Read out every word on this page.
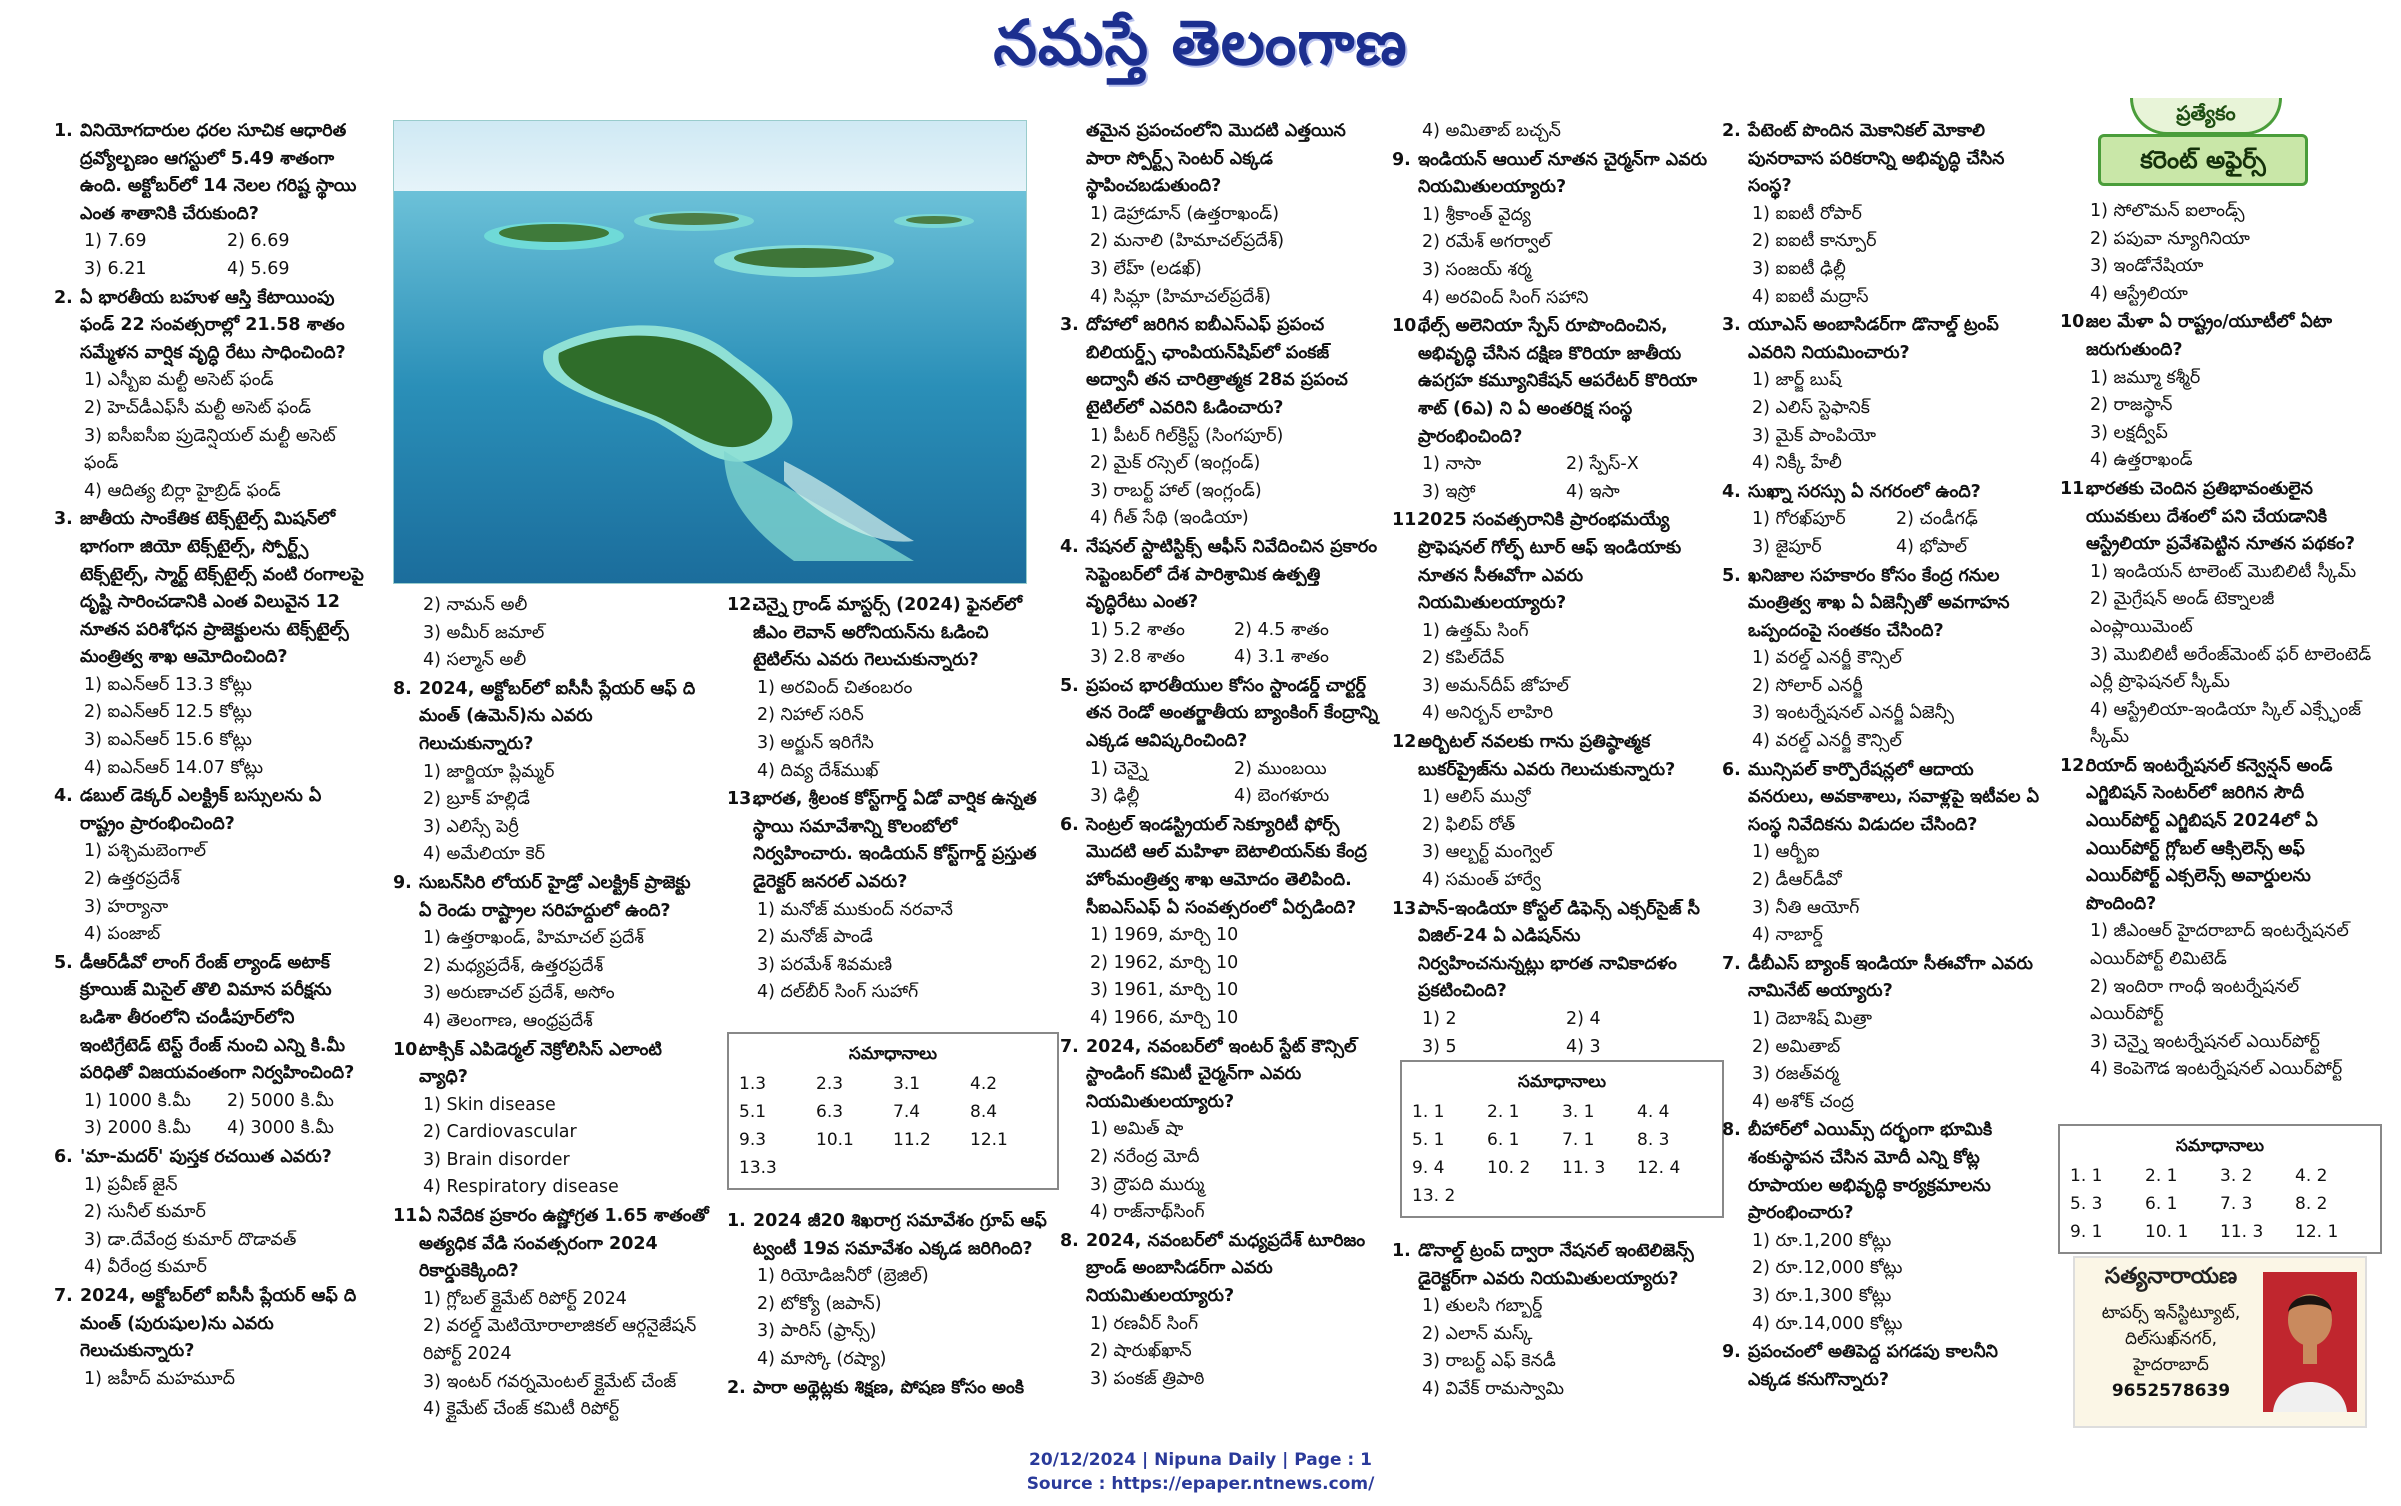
నమస్తే తెలంగాణ
1. వినియోగదారుల ధరల సూచిక ఆధారిత ద్రవ్యోల్బణం ఆగస్టులో 5.49 శాతంగా ఉంది. అక్టోబర్‌లో 14 నెలల గరిష్ట స్థాయి ఎంత శాతానికి చేరుకుంది?
1) 7.69	2) 6.69
3) 6.21	4) 5.69
2. ఏ భారతీయ బహుళ ఆస్తి కేటాయింపు ఫండ్ 22 సంవత్సరాల్లో 21.58 శాతం సమ్మేళన వార్షిక వృద్ధి రేటు సాధించింది?
1) ఎస్బీఐ మల్టీ అసెట్ ఫండ్
2) హెచ్‌డీఎఫ్‌సీ మల్టీ అసెట్ ఫండ్
3) ఐసీఐసీఐ ప్రుడెన్షియల్ మల్టీ అసెట్ ఫండ్
4) ఆదిత్య బిర్లా హైబ్రిడ్ ఫండ్
3. జాతీయ సాంకేతిక టెక్స్‌టైల్స్ మిషన్‌లో భాగంగా జియో టెక్స్‌టైల్స్, స్పోర్ట్స్ టెక్స్‌టైల్స్, స్మార్ట్ టెక్స్‌టైల్స్ వంటి రంగాలపై దృష్టి సారించడానికి ఎంత విలువైన 12 నూతన పరిశోధన ప్రాజెక్టులను టెక్స్‌టైల్స్ మంత్రిత్వ శాఖ ఆమోదించింది?
1) ఐఎన్‌ఆర్ 13.3 కోట్లు
2) ఐఎన్‌ఆర్ 12.5 కోట్లు
3) ఐఎన్‌ఆర్ 15.6 కోట్లు
4) ఐఎన్‌ఆర్ 14.07 కోట్లు
4. డబుల్ డెక్కర్ ఎలక్ట్రిక్ బస్సులను ఏ రాష్ట్రం ప్రారంభించింది?
1) పశ్చిమబెంగాల్
2) ఉత్తరప్రదేశ్
3) హర్యానా
4) పంజాబ్
5. డీఆర్‌డీవో లాంగ్ రేంజ్ ల్యాండ్ అటాక్ క్రూయిజ్ మిసైల్ తొలి విమాన పరీక్షను ఒడిశా తీరంలోని చండీపూర్‌లోని ఇంటిగ్రేటెడ్ టెస్ట్ రేంజ్ నుంచి ఎన్ని కి.మీ పరిధితో విజయవంతంగా నిర్వహించింది?
1) 1000 కి.మీ	2) 5000 కి.మీ
3) 2000 కి.మీ	4) 3000 కి.మీ
6. 'మా-మదర్' పుస్తక రచయిత ఎవరు?
1) ప్రవీణ్ జైన్
2) సునీల్ కుమార్
3) డా.దేవేంద్ర కుమార్ దొడావత్
4) వీరేంద్ర కుమార్
7. 2024, అక్టోబర్‌లో ఐసీసీ ప్లేయర్ ఆఫ్ ది మంత్ (పురుషుల)ను ఎవరు గెలుచుకున్నారు?
1) జహీద్ మహమూద్
2) నామన్ అలీ
3) అమీర్ జమాల్
4) సల్మాన్ అలీ
8. 2024, అక్టోబర్‌లో ఐసీసీ ప్లేయర్ ఆఫ్ ది మంత్ (ఉమెన్)ను ఎవరు గెలుచుకున్నారు?
1) జార్జియా ప్లిమ్మర్
2) బ్రూక్ హల్లిడే
3) ఎలిస్సే పెర్రీ
4) అమేలియా కెర్
9. సుబన్‌సిరి లోయర్ హైడ్రో ఎలక్ట్రిక్ ప్రాజెక్టు ఏ రెండు రాష్ట్రాల సరిహద్దులో ఉంది?
1) ఉత్తరాఖండ్, హిమాచల్ ప్రదేశ్
2) మధ్యప్రదేశ్, ఉత్తరప్రదేశ్
3) అరుణాచల్ ప్రదేశ్, అసోం
4) తెలంగాణ, ఆంధ్రప్రదేశ్
10.టాక్సిక్ ఎపిడెర్మల్ నెక్రోలిసిస్ ఎలాంటి వ్యాధి?
1) Skin disease
2) Cardiovascular
3) Brain disorder
4) Respiratory disease
11.ఏ నివేదిక ప్రకారం ఉష్ణోగ్రత 1.65 శాతంతో అత్యధిక వేడి సంవత్సరంగా 2024 రికార్డుకెక్కింది?
1) గ్లోబల్ క్లైమేట్ రిపోర్ట్ 2024
2) వరల్డ్ మెటియోరాలాజికల్ ఆర్గనైజేషన్ రిపోర్ట్ 2024
3) ఇంటర్ గవర్నమెంటల్ క్లైమేట్ చేంజ్
4) క్లైమేట్ చేంజ్ కమిటీ రిపోర్ట్
12.చెన్నై గ్రాండ్ మాస్టర్స్ (2024) ఫైనల్‌లో జీఎం లెవాన్ అరోనియన్‌ను ఓడించి టైటిల్‌ను ఎవరు గెలుచుకున్నారు?
1) అరవింద్ చితంబరం
2) నిహాల్ సరిన్
3) అర్జున్ ఇరిగేసి
4) దివ్య దేశ్‌ముఖ్
13.భారత, శ్రీలంక కోస్ట్‌గార్డ్ ఏడో వార్షిక ఉన్నత స్థాయి సమావేశాన్ని కొలంబోలో నిర్వహించారు. ఇండియన్ కోస్ట్‌గార్డ్ ప్రస్తుత డైరెక్టర్ జనరల్ ఎవరు?
1) మనోజ్ ముకుంద్ నరవానే
2) మనోజ్ పాండే
3) పరమేశ్ శివమణి
4) దల్‌బీర్ సింగ్ సుహాగ్
సమాధానాలు
1.3	2.3	3.1	4.2
5.1	6.3	7.4	8.4
9.3	10.1	11.2	12.1
13.3
1. 2024 జీ20 శిఖరాగ్ర సమావేశం గ్రూప్ ఆఫ్ ట్వంటీ 19వ సమావేశం ఎక్కడ జరిగింది?
1) రియోడిజనీరో (బ్రెజిల్)
2) టోక్యో (జపాన్)
3) పారిస్ (ఫ్రాన్స్)
4) మాస్కో (రష్యా)
2. పారా అథ్లెట్లకు శిక్షణ, పోషణ కోసం అంకి
తమైన ప్రపంచంలోని మొదటి ఎత్తయిన పారా స్పోర్ట్స్ సెంటర్ ఎక్కడ స్థాపించబడుతుంది?
1) డెహ్రాడూన్ (ఉత్తరాఖండ్)
2) మనాలి (హిమాచల్‌ప్రదేశ్)
3) లేహ్ (లడఖ్)
4) సిమ్లా (హిమాచల్‌ప్రదేశ్)
3. దోహాలో జరిగిన ఐబీఎస్‌ఎఫ్ ప్రపంచ బిలియర్డ్స్ ఛాంపియన్‌షిప్‌లో పంకజ్ అద్వానీ తన చారిత్రాత్మక 28వ ప్రపంచ టైటిల్‌లో ఎవరిని ఓడించారు?
1) పీటర్ గిల్‌క్రిస్ట్ (సింగపూర్)
2) మైక్ రస్సెల్ (ఇంగ్లండ్)
3) రాబర్ట్ హాల్ (ఇంగ్లండ్)
4) గీత్ సేథి (ఇండియా)
4. నేషనల్ స్టాటిస్టిక్స్ ఆఫీస్ నివేదించిన ప్రకారం సెప్టెంబర్‌లో దేశ పారిశ్రామిక ఉత్పత్తి వృద్ధిరేటు ఎంత?
1) 5.2 శాతం	2) 4.5 శాతం
3) 2.8 శాతం	4) 3.1 శాతం
5. ప్రపంచ భారతీయుల కోసం స్టాండర్డ్ చార్టర్డ్ తన రెండో అంతర్జాతీయ బ్యాంకింగ్ కేంద్రాన్ని ఎక్కడ ఆవిష్కరించింది?
1) చెన్నై	2) ముంబయి
3) ఢిల్లీ	4) బెంగళూరు
6. సెంట్రల్ ఇండస్ట్రియల్ సెక్యూరిటీ ఫోర్స్ మొదటి ఆల్ మహిళా బెటాలియన్‌కు కేంద్ర హోంమంత్రిత్వ శాఖ ఆమోదం తెలిపింది. సీఐఎస్ఎఫ్ ఏ సంవత్సరంలో ఏర్పడింది?
1) 1969, మార్చి 10
2) 1962, మార్చి 10
3) 1961, మార్చి 10
4) 1966, మార్చి 10
7. 2024, నవంబర్‌లో ఇంటర్ స్టేట్ కౌన్సిల్ స్టాండింగ్ కమిటీ చైర్మన్‌గా ఎవరు నియమితులయ్యారు?
1) అమిత్ షా
2) నరేంద్ర మోదీ
3) ద్రౌపది ముర్ము
4) రాజ్‌నాథ్‌సింగ్
8. 2024, నవంబర్‌లో మధ్యప్రదేశ్ టూరిజం బ్రాండ్ అంబాసిడర్‌గా ఎవరు నియమితులయ్యారు?
1) రణవీర్ సింగ్
2) షారుఖ్‌ఖాన్
3) పంకజ్ త్రిపాఠి
4) అమితాబ్ బచ్చన్
9. ఇండియన్ ఆయిల్ నూతన చైర్మన్‌గా ఎవరు నియమితులయ్యారు?
1) శ్రీకాంత్ వైద్య
2) రమేశ్ అగర్వాల్
3) సంజయ్ శర్మ
4) అరవింద్ సింగ్ సహాని
10.థేల్స్ అలెనియా స్పేస్ రూపొందించిన, అభివృద్ధి చేసిన దక్షిణ కొరియా జాతీయ ఉపగ్రహ కమ్యూనికేషన్ ఆపరేటర్ కొరియా శాట్ (6ఎ) ని ఏ అంతరిక్ష సంస్థ ప్రారంభించింది?
1) నాసా	2) స్పేస్-X
3) ఇస్రో	4) ఇసా
11.2025 సంవత్సరానికి ప్రారంభమయ్యే ప్రొఫెషనల్ గోల్ఫ్ టూర్ ఆఫ్ ఇండియాకు నూతన సీఈవోగా ఎవరు నియమితులయ్యారు?
1) ఉత్తమ్ సింగ్
2) కపిల్‌దేవ్
3) అమన్‌దీప్ జోహల్
4) అనిర్బన్ లాహిరి
12.అర్బిటల్ నవలకు గాను ప్రతిష్ఠాత్మక బుకర్‌ప్రైజ్‌ను ఎవరు గెలుచుకున్నారు?
1) ఆలిస్ మున్రో
2) ఫిలిప్ రోత్
3) ఆల్బర్ట్ మంగ్వెల్
4) సమంత్ హార్వే
13.పాన్-ఇండియా కోస్టల్ డిఫెన్స్ ఎక్సర్‌సైజ్ సీ విజిల్-24 ఏ ఎడిషన్‌ను నిర్వహించనున్నట్లు భారత నావికాదళం ప్రకటించింది?
1) 2	2) 4
3) 5	4) 3
సమాధానాలు
1. 1	2. 1	3. 1	4. 4
5. 1	6. 1	7. 1	8. 3
9. 4	10. 2	11. 3	12. 4
13. 2
1. డొనాల్డ్ ట్రంప్ ద్వారా నేషనల్ ఇంటెలిజెన్స్ డైరెక్టర్‌గా ఎవరు నియమితులయ్యారు?
1) తులసి గబ్బార్డ్
2) ఎలాన్ మస్క్
3) రాబర్ట్ ఎఫ్ కెనడీ
4) వివేక్ రామస్వామి
2. పేటెంట్ పొందిన మెకానికల్ మోకాలి పునరావాస పరికరాన్ని అభివృద్ధి చేసిన సంస్థ?
1) ఐఐటీ రోపార్
2) ఐఐటీ కాన్పూర్
3) ఐఐటీ ఢిల్లీ
4) ఐఐటీ మద్రాస్
3. యూఎస్ అంబాసిడర్‌గా డొనాల్డ్ ట్రంప్ ఎవరిని నియమించారు?
1) జార్జ్ బుష్
2) ఎలిస్ స్టెఫానిక్
3) మైక్ పాంపియో
4) నిక్కీ హేలీ
4. సుఖ్నా సరస్సు ఏ నగరంలో ఉంది?
1) గోరఖ్‌పూర్	2) చండీగఢ్
3) జైపూర్	4) భోపాల్
5. ఖనిజాల సహకారం కోసం కేంద్ర గనుల మంత్రిత్వ శాఖ ఏ ఏజెన్సీతో అవగాహన ఒప్పందంపై సంతకం చేసింది?
1) వరల్డ్ ఎనర్జీ కౌన్సిల్
2) సోలార్ ఎనర్జీ
3) ఇంటర్నేషనల్ ఎనర్జీ ఏజెన్సీ
4) వరల్డ్ ఎనర్జీ కౌన్సిల్
6. మున్సిపల్ కార్పొరేషన్లలో ఆదాయ వనరులు, అవకాశాలు, సవాళ్లపై ఇటీవల ఏ సంస్థ నివేదికను విడుదల చేసింది?
1) ఆర్బీఐ
2) డీఆర్‌డీవో
3) నీతి ఆయోగ్
4) నాబార్డ్
7. డీబీఎస్ బ్యాంక్ ఇండియా సీఈవోగా ఎవరు నామినేట్ అయ్యారు?
1) దెబాశిష్ మిత్రా
2) అమితాబ్
3) రజత్‌వర్మ
4) అశోక్ చంద్ర
8. బీహార్‌లో ఎయిమ్స్ దర్భంగా భూమికి శంకుస్థాపన చేసిన మోదీ ఎన్ని కోట్ల రూపాయల అభివృద్ధి కార్యక్రమాలను ప్రారంభించారు?
1) రూ.1,200 కోట్లు
2) రూ.12,000 కోట్లు
3) రూ.1,300 కోట్లు
4) రూ.14,000 కోట్లు
9. ప్రపంచంలో అతిపెద్ద పగడపు కాలనీని ఎక్కడ కనుగొన్నారు?
ప్రత్యేకం
కరెంట్ అఫైర్స్
1) సోలొమన్ ఐలాండ్స్
2) పపువా న్యూగినియా
3) ఇండోనేషియా
4) ఆస్ట్రేలియా
10.జల మేళా ఏ రాష్ట్రం/యూటీలో ఏటా జరుగుతుంది?
1) జమ్మూ కశ్మీర్
2) రాజస్థాన్
3) లక్షద్వీప్
4) ఉత్తరాఖండ్
11.భారతకు చెందిన ప్రతిభావంతులైన యువకులు దేశంలో పని చేయడానికి ఆస్ట్రేలియా ప్రవేశపెట్టిన నూతన పథకం?
1) ఇండియన్ టాలెంట్ మొబిలిటీ స్కీమ్
2) మైగ్రేషన్ అండ్ టెక్నాలజీ ఎంప్లాయిమెంట్
3) మొబిలిటీ అరేంజ్‌మెంట్ ఫర్ టాలెంటెడ్ ఎర్లీ ప్రొఫెషనల్ స్కీమ్
4) ఆస్ట్రేలియా-ఇండియా స్కిల్ ఎక్స్ఛేంజ్ స్కీమ్
12.రియాద్ ఇంటర్నేషనల్ కన్వెన్షన్ అండ్ ఎగ్జిబిషన్ సెంటర్‌లో జరిగిన సౌదీ ఎయిర్‌పోర్ట్ ఎగ్జిబిషన్ 2024లో ఏ ఎయిర్‌పోర్ట్ గ్లోబల్ ఆక్సిలెన్స్ అఫ్ ఎయిర్‌పోర్ట్ ఎక్సలెన్స్ అవార్డులను పొందింది?
1) జీఎంఆర్ హైదరాబాద్ ఇంటర్నేషనల్ ఎయిర్‌పోర్ట్ లిమిటెడ్
2) ఇందిరా గాంధీ ఇంటర్నేషనల్ ఎయిర్‌పోర్ట్
3) చెన్నై ఇంటర్నేషనల్ ఎయిర్‌పోర్ట్
4) కెంపెగౌడ ఇంటర్నేషనల్ ఎయిర్‌పోర్ట్
సమాధానాలు
1. 1	2. 1	3. 2	4. 2
5. 3	6. 1	7. 3	8. 2
9. 1	10. 1	11. 3	12. 1
సత్యనారాయణ
టాపర్స్ ఇన్‌స్టిట్యూట్,
దిల్‌సుఖ్‌నగర్,
హైదరాబాద్
9652578639
20/12/2024 | Nipuna Daily | Page : 1
Source : https://epaper.ntnews.com/
